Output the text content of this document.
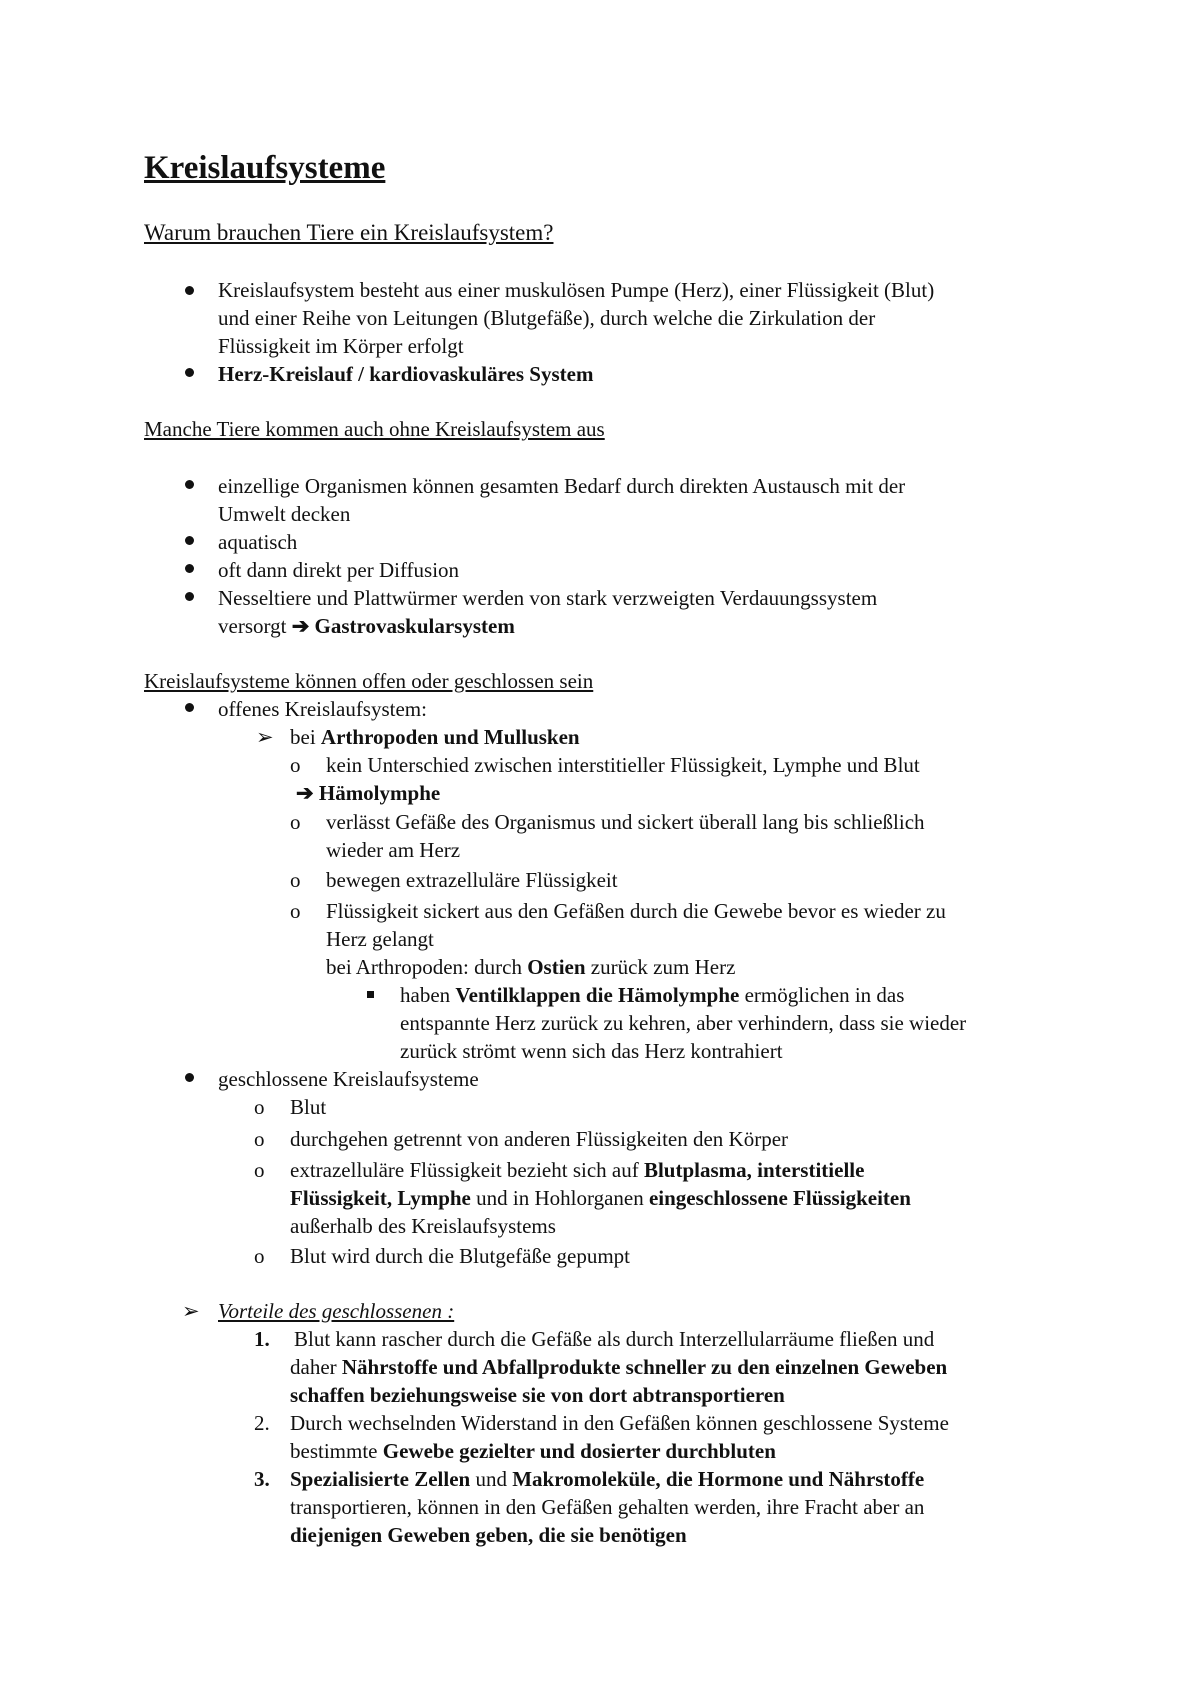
Kreislaufsysteme
Warum brauchen Tiere ein Kreislaufsystem?
Kreislaufsystem besteht aus einer muskulösen Pumpe (Herz), einer Flüssigkeit (Blut)
und einer Reihe von Leitungen (Blutgefäße), durch welche die Zirkulation der
Flüssigkeit im Körper erfolgt
Herz-Kreislauf / kardiovaskuläres System
Manche Tiere kommen auch ohne Kreislaufsystem aus
einzellige Organismen können gesamten Bedarf durch direkten Austausch mit der
Umwelt decken
aquatisch
oft dann direkt per Diffusion
Nesseltiere und Plattwürmer werden von stark verzweigten Verdauungssystem
versorgt ➔ Gastrovaskularsystem
Kreislaufsysteme können offen oder geschlossen sein
offenes Kreislaufsystem:
➢ bei Arthropoden und Mullusken
o kein Unterschied zwischen interstitieller Flüssigkeit, Lymphe und Blut
➔ Hämolymphe
o verlässt Gefäße des Organismus und sickert überall lang bis schließlich
wieder am Herz
o bewegen extrazelluläre Flüssigkeit
o Flüssigkeit sickert aus den Gefäßen durch die Gewebe bevor es wieder zu
Herz gelangt
bei Arthropoden: durch Ostien zurück zum Herz
haben Ventilklappen die Hämolymphe ermöglichen in das
entspannte Herz zurück zu kehren, aber verhindern, dass sie wieder
zurück strömt wenn sich das Herz kontrahiert
geschlossene Kreislaufsysteme
o Blut
o durchgehen getrennt von anderen Flüssigkeiten den Körper
o extrazelluläre Flüssigkeit bezieht sich auf Blutplasma, interstitielle
Flüssigkeit, Lymphe und in Hohlorganen eingeschlossene Flüssigkeiten
außerhalb des Kreislaufsystems
o Blut wird durch die Blutgefäße gepumpt
➢ Vorteile des geschlossenen :
1. Blut kann rascher durch die Gefäße als durch Interzellularräume fließen und
daher Nährstoffe und Abfallprodukte schneller zu den einzelnen Geweben
schaffen beziehungsweise sie von dort abtransportieren
2. Durch wechselnden Widerstand in den Gefäßen können geschlossene Systeme
bestimmte Gewebe gezielter und dosierter durchbluten
3. Spezialisierte Zellen und Makromoleküle, die Hormone und Nährstoffe
transportieren, können in den Gefäßen gehalten werden, ihre Fracht aber an
diejenigen Geweben geben, die sie benötigen
